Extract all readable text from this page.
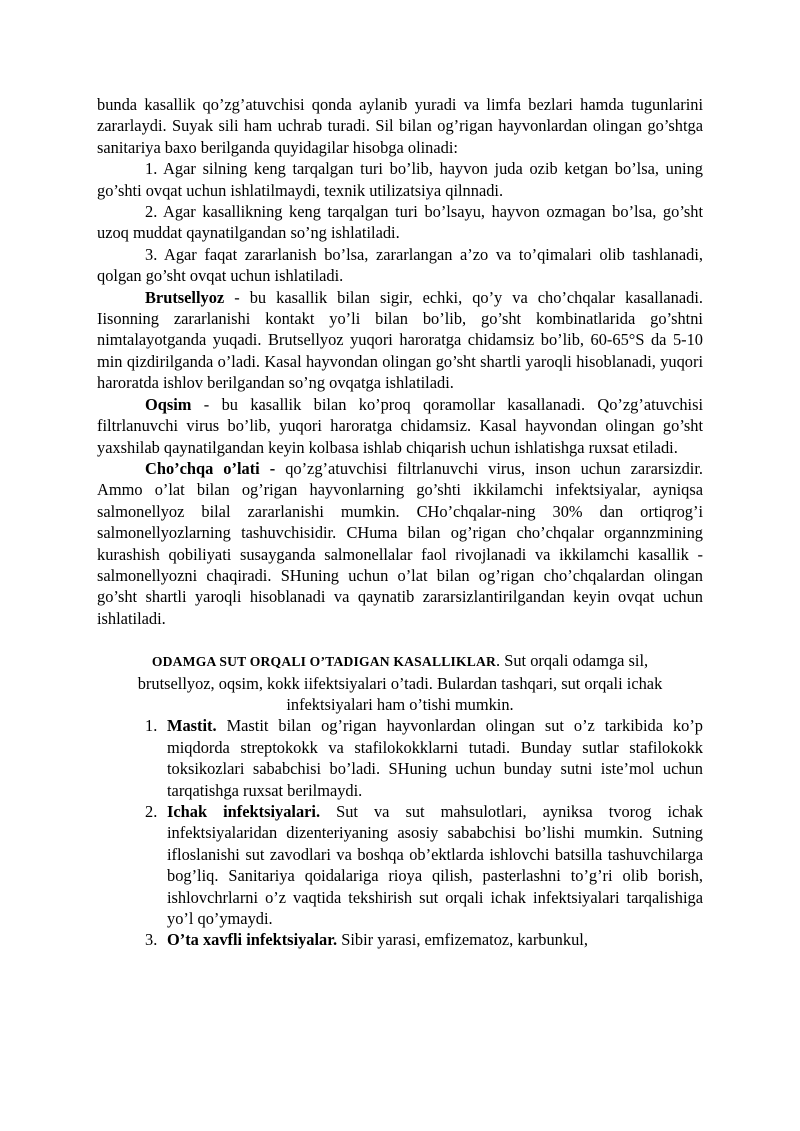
bunda kasallik qo’zg’atuvchisi qonda aylanib yuradi va limfa bezlari hamda tugunlarini zararlaydi. Suyak sili ham uchrab turadi. Sil bilan og’rigan hayvonlardan olingan go’shtga sanitariya baxo berilganda quyidagilar hisobga olinadi:

1. Agar silning keng tarqalgan turi bo’lib, hayvon juda ozib ketgan bo’lsa, uning go’shti ovqat uchun ishlatilmaydi, texnik utilizatsiya qilnnadi.

2. Agar kasallikning keng tarqalgan turi bo’lsayu, hayvon ozmagan bo’lsa, go’sht uzoq muddat qaynatilgandan so’ng ishlatiladi.

3. Agar faqat zararlanish bo’lsa, zararlangan a’zo va to’qimalari olib tashlanadi, qolgan go’sht ovqat uchun ishlatiladi.

Brutsellyoz - bu kasallik bilan sigir, echki, qo’y va cho’chqalar kasallanadi. Iisonning zararlanishi kontakt yo’li bilan bo’lib, go’sht kombinatlarida go’shtni nimtalayotganda yuqadi. Brutsellyoz yuqori haroratga chidamsiz bo’lib, 60-65°S da 5-10 min qizdirilganda o’ladi. Kasal hayvondan olingan go’sht shartli yaroqli hisoblanadi, yuqori haroratda ishlov berilgandan so’ng ovqatga ishlatiladi.

Oqsim - bu kasallik bilan ko’proq qoramollar kasallanadi. Qo’zg’atuvchisi filtrlanuvchi virus bo’lib, yuqori haroratga chidamsiz. Kasal hayvondan olingan go’sht yaxshilab qaynatilgandan keyin kolbasa ishlab chiqarish uchun ishlatishga ruxsat etiladi.

Cho’chqa o’lati - qo’zg’atuvchisi filtrlanuvchi virus, inson uchun zararsizdir. Ammo o’lat bilan og’rigan hayvonlarning go’shti ikkilamchi infektsiyalar, ayniqsa salmonellyoz bilal zararlanishi mumkin. CHo’chqalar-ning 30% dan ortiqrog’i salmonellyozlarning tashuvchisidir. CHuma bilan og’rigan cho’chqalar organnzmining kurashish qobiliyati susayganda salmonellalar faol rivojlanadi va ikkilamchi kasallik - salmonellyozni chaqiradi. SHuning uchun o’lat bilan og’rigan cho’chqalardan olingan go’sht shartli yaroqli hisoblanadi va qaynatib zararsizlantirilgandan keyin ovqat uchun ishlatiladi.

ODAMGA SUT ORQALI O’TADIGAN KASALLIKLAR. Sut orqali odamga sil, brutsellyoz, oqsim, kokk iifektsiyalari o’tadi. Bulardan tashqari, sut orqali ichak infektsiyalari ham o’tishi mumkin.

1. Mastit. Mastit bilan og’rigan hayvonlardan olingan sut o’z tarkibida ko’p miqdorda streptokokk va stafilokokklarni tutadi. Bunday sutlar stafilokokk toksikozlari sababchisi bo’ladi. SHuning uchun bunday sutni iste’mol uchun tarqatishga ruxsat berilmaydi.
2. Ichak infektsiyalari. Sut va sut mahsulotlari, ayniksa tvorog ichak infektsiyalaridan dizenteriyaning asosiy sababchisi bo’lishi mumkin. Sutning ifloslanishi sut zavodlari va boshqa ob’ektlarda ishlovchi batsilla tashuvchilarga bog’liq. Sanitariya qoidalariga rioya qilish, pasterlashni to’g’ri olib borish, ishlovchrlarni o’z vaqtida tekshirish sut orqali ichak infektsiyalari tarqalishiga yo’l qo’ymaydi.
3. O’ta xavfli infektsiyalar. Sibir yarasi, emfizematoz, karbunkul,
